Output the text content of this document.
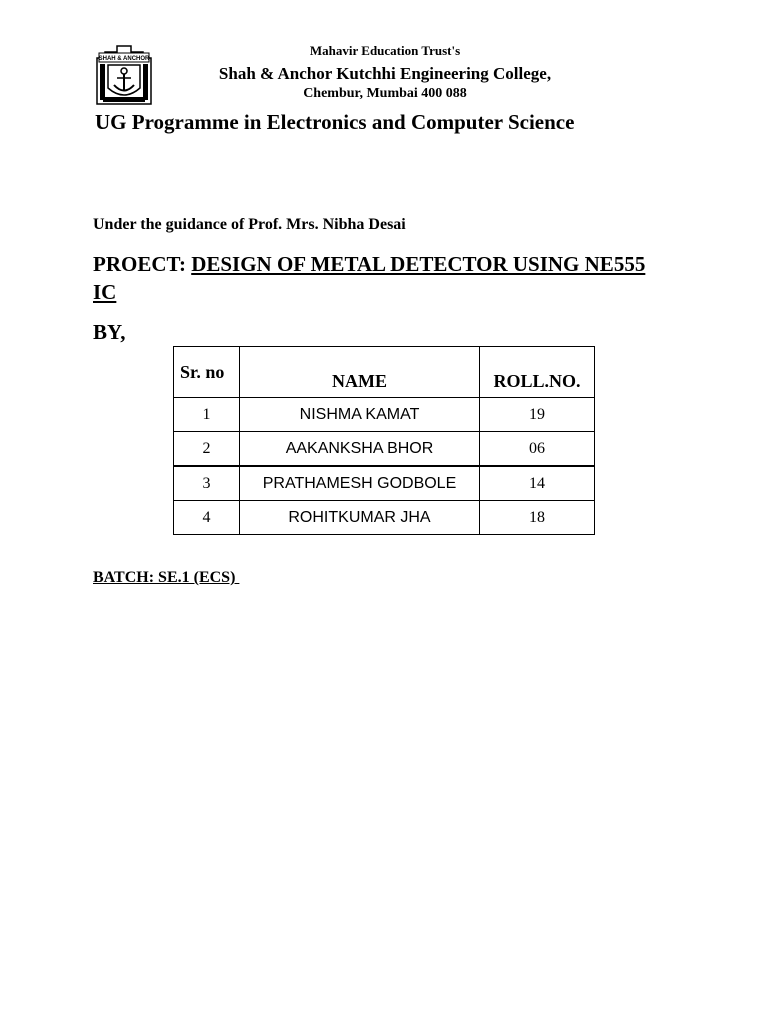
SHAH & ANCHOR
Mahavir Education Trust's
Shah & Anchor Kutchhi Engineering College,
Chembur, Mumbai 400 088
UG Programme in Electronics and Computer Science
Under the guidance of Prof. Mrs. Nibha Desai
PROECT: DESIGN OF METAL DETECTOR USING NE555 IC
BY,
Sr. no	NAME	ROLL.NO.
1	NISHMA KAMAT	19
2	AAKANKSHA BHOR	06
3	PRATHAMESH GODBOLE	14
4	ROHITKUMAR JHA	18
BATCH: SE.1 (ECS)
